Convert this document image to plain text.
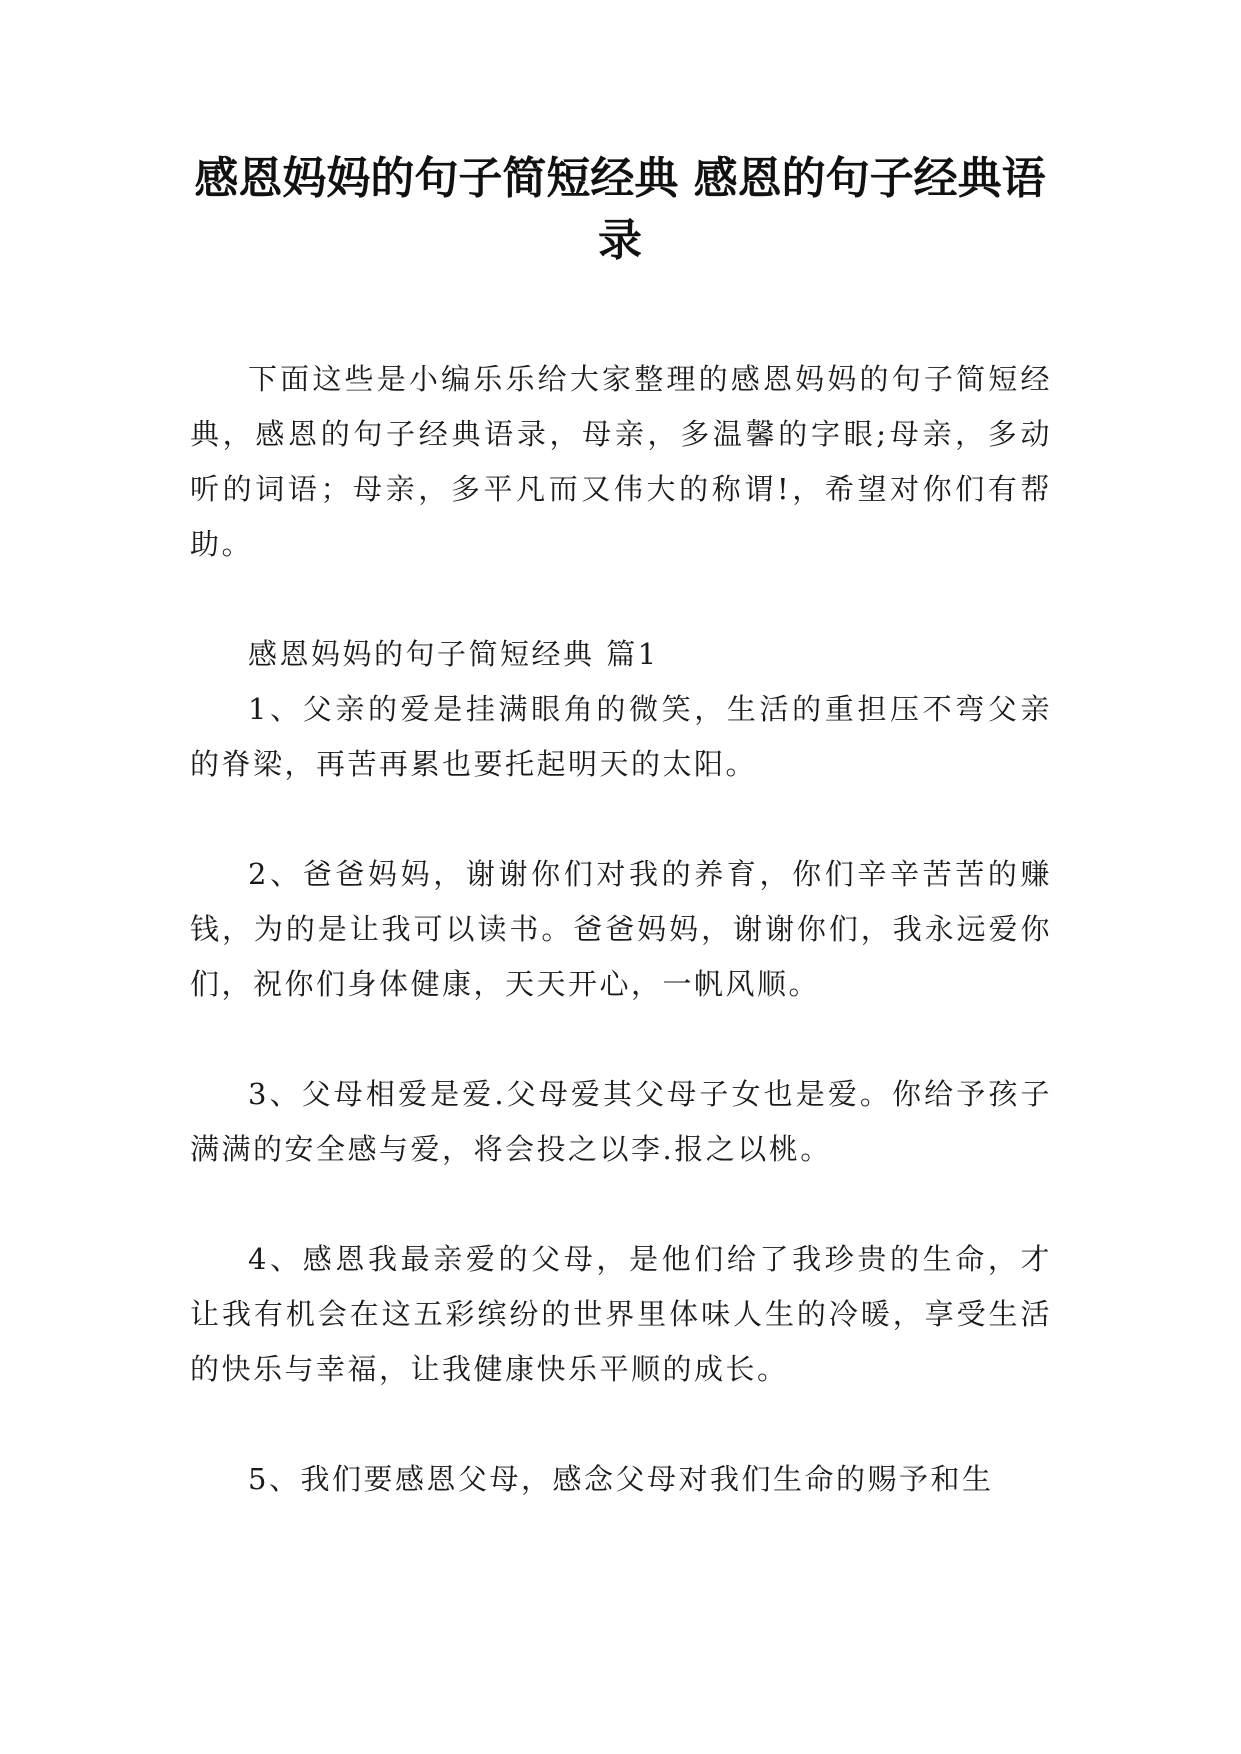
感恩妈妈的句子简短经典 感恩的句子经典语录

下面这些是小编乐乐给大家整理的感恩妈妈的句子简短经典，感恩的句子经典语录，母亲，多温馨的字眼;母亲，多动听的词语；母亲，多平凡而又伟大的称谓!，希望对你们有帮助。

感恩妈妈的句子简短经典 篇1

1、父亲的爱是挂满眼角的微笑，生活的重担压不弯父亲的脊梁，再苦再累也要托起明天的太阳。

2、爸爸妈妈，谢谢你们对我的养育，你们辛辛苦苦的赚钱，为的是让我可以读书。爸爸妈妈，谢谢你们，我永远爱你们，祝你们身体健康，天天开心，一帆风顺。

3、父母相爱是爱.父母爱其父母子女也是爱。你给予孩子满满的安全感与爱，将会投之以李.报之以桃。

4、感恩我最亲爱的父母，是他们给了我珍贵的生命，才让我有机会在这五彩缤纷的世界里体味人生的冷暖，享受生活的快乐与幸福，让我健康快乐平顺的成长。

5、我们要感恩父母，感念父母对我们生命的赐予和生
